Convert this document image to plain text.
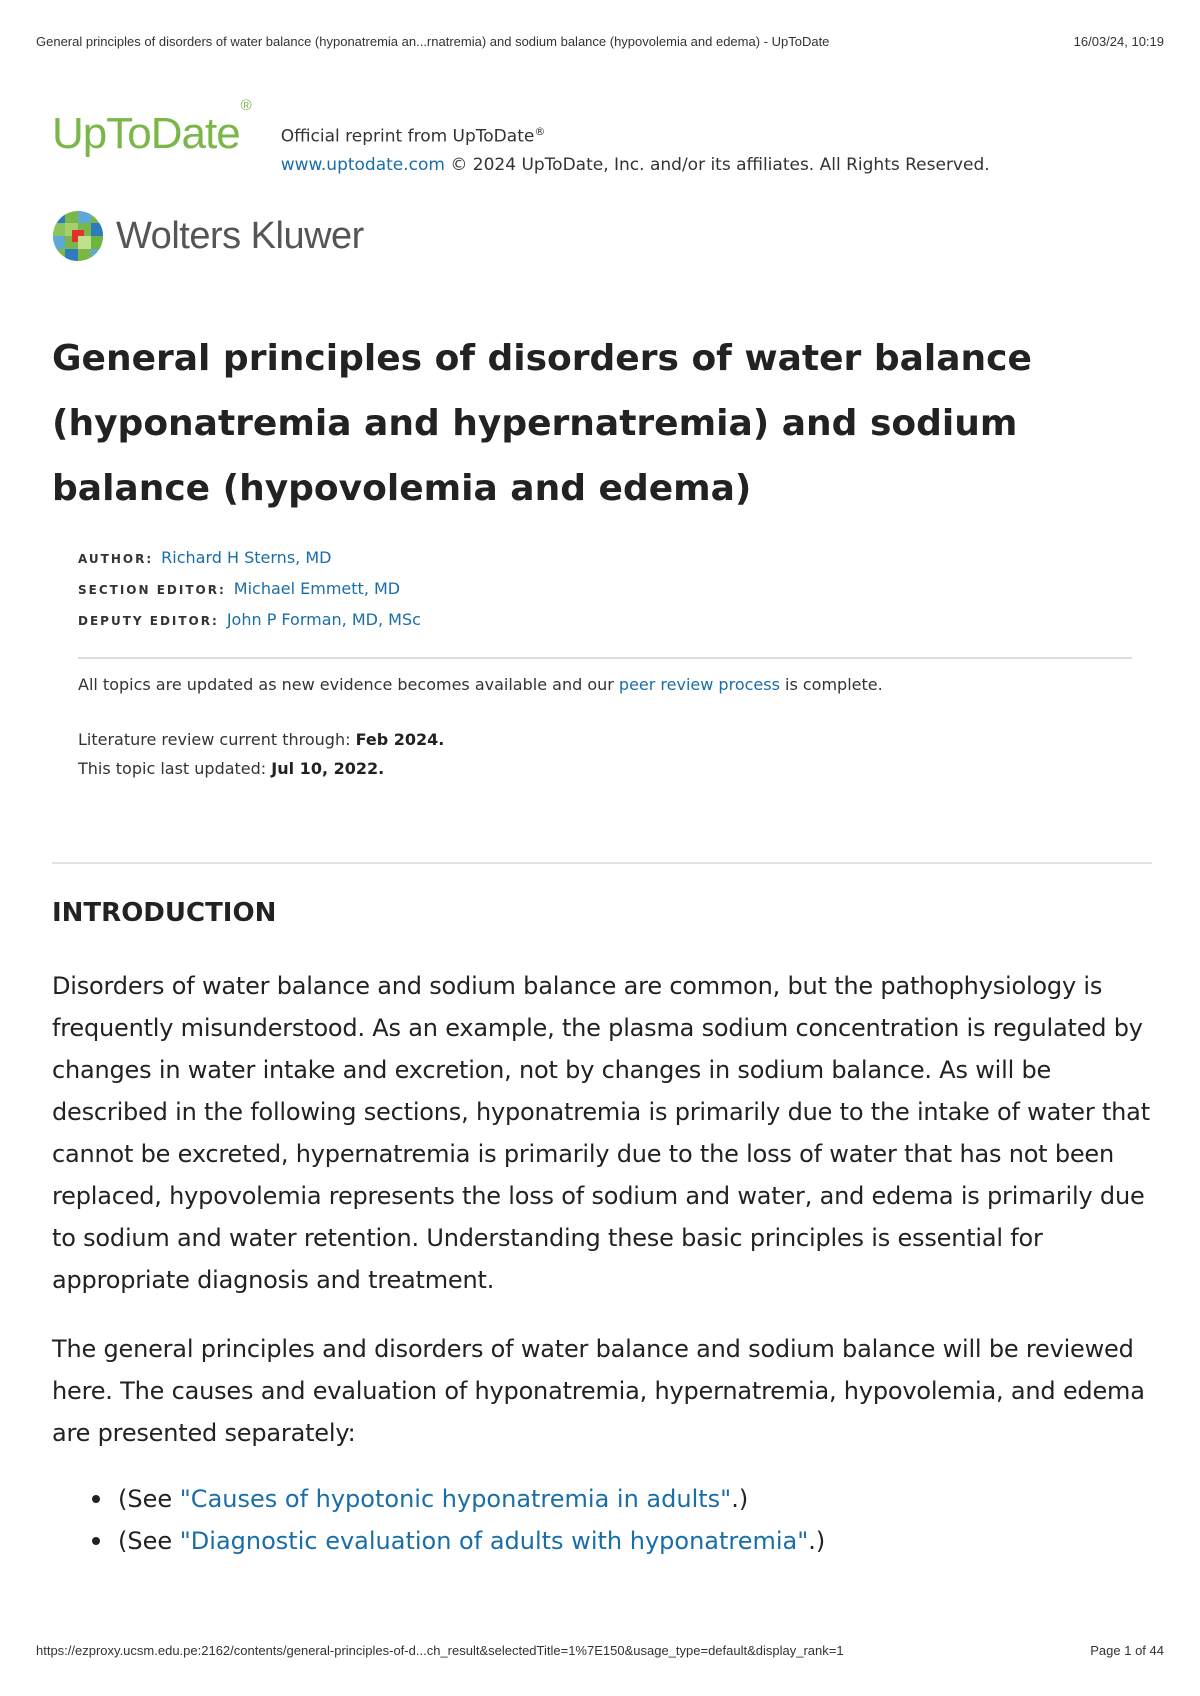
General principles of disorders of water balance (hyponatremia an...rnatremia) and sodium balance (hypovolemia and edema) - UpToDate	16/03/24, 10:19
UpToDate®
Official reprint from UpToDate®
www.uptodate.com © 2024 UpToDate, Inc. and/or its affiliates. All Rights Reserved.
Wolters Kluwer
General principles of disorders of water balance (hyponatremia and hypernatremia) and sodium balance (hypovolemia and edema)
AUTHOR: Richard H Sterns, MD
SECTION EDITOR: Michael Emmett, MD
DEPUTY EDITOR: John P Forman, MD, MSc

All topics are updated as new evidence becomes available and our peer review process is complete.

Literature review current through: Feb 2024.
This topic last updated: Jul 10, 2022.
INTRODUCTION

Disorders of water balance and sodium balance are common, but the pathophysiology is frequently misunderstood. As an example, the plasma sodium concentration is regulated by changes in water intake and excretion, not by changes in sodium balance. As will be described in the following sections, hyponatremia is primarily due to the intake of water that cannot be excreted, hypernatremia is primarily due to the loss of water that has not been replaced, hypovolemia represents the loss of sodium and water, and edema is primarily due to sodium and water retention. Understanding these basic principles is essential for appropriate diagnosis and treatment.

The general principles and disorders of water balance and sodium balance will be reviewed here. The causes and evaluation of hyponatremia, hypernatremia, hypovolemia, and edema are presented separately:

(See "Causes of hypotonic hyponatremia in adults".)
(See "Diagnostic evaluation of adults with hyponatremia".)
https://ezproxy.ucsm.edu.pe:2162/contents/general-principles-of-d...ch_result&selectedTitle=1%7E150&usage_type=default&display_rank=1	Page 1 of 44
